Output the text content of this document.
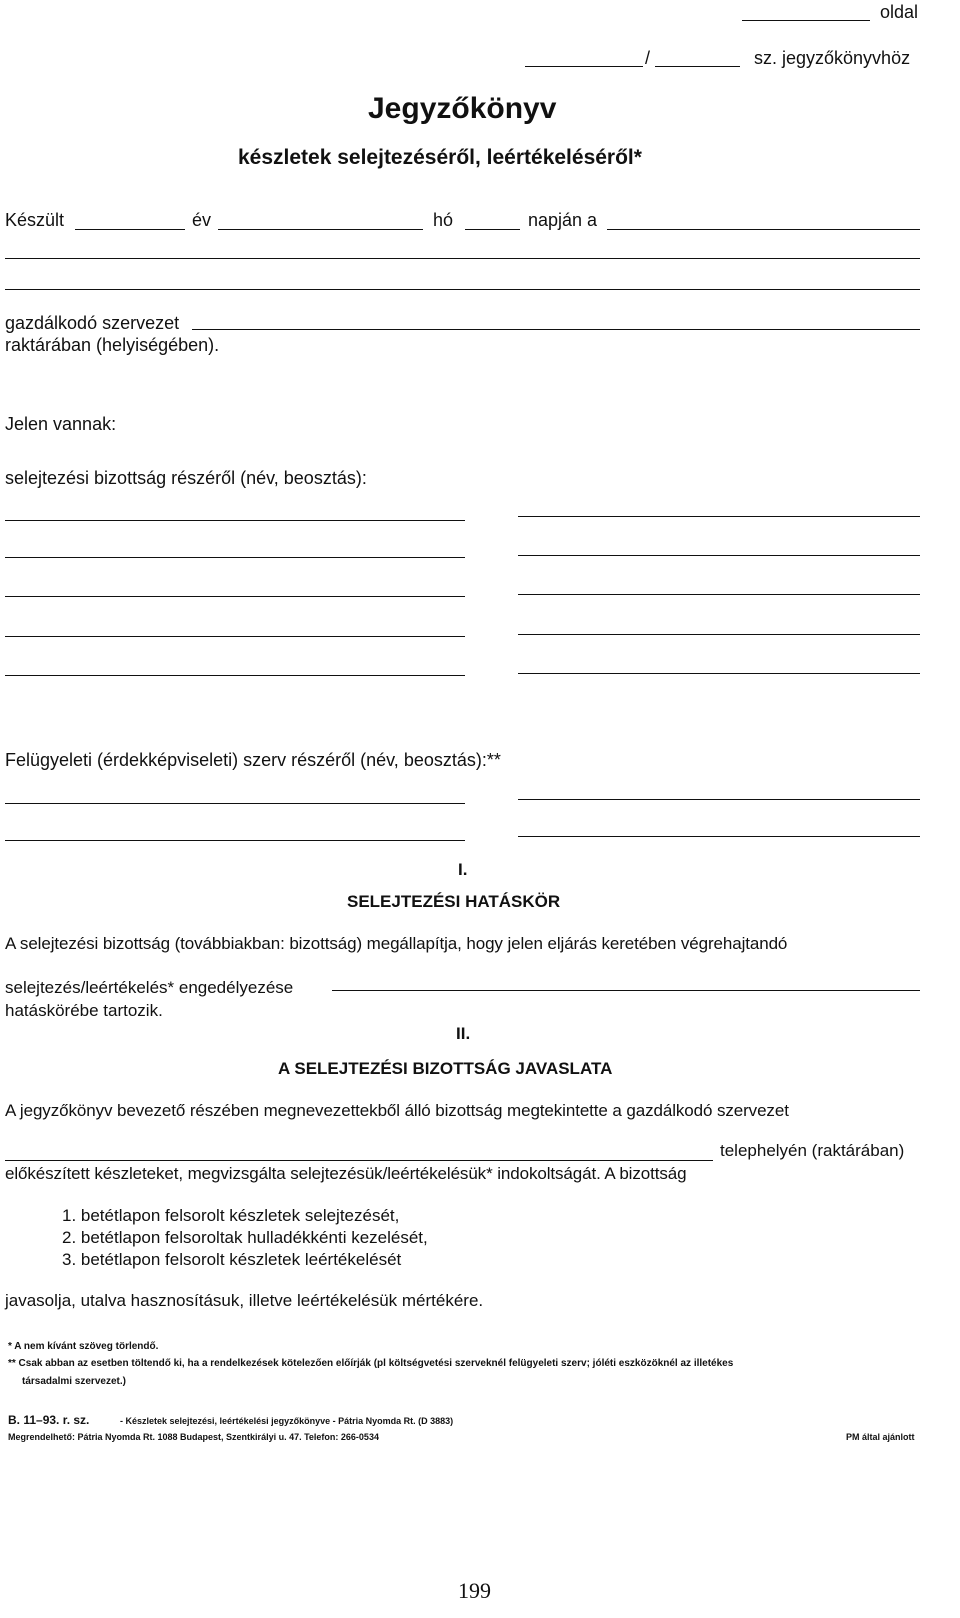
oldal
/	sz. jegyzőkönyvhöz
Jegyzőkönyv
készletek selejtezéséről, leértékeléséről*
Készült	év	hó	napján a
gazdálkodó szervezet
raktárában (helyiségében).
Jelen vannak:
selejtezési bizottság részéről (név, beosztás):
Felügyeleti (érdekképviseleti) szerv részéről (név, beosztás):**
I.
SELEJTEZÉSI HATÁSKÖR
A selejtezési bizottság (továbbiakban: bizottság) megállapítja, hogy jelen eljárás keretében végrehajtandó
selejtezés/leértékelés* engedélyezése
hatáskörébe tartozik.
II.
A SELEJTEZÉSI BIZOTTSÁG JAVASLATA
A jegyzőkönyv bevezető részében megnevezettekből álló bizottság megtekintette a gazdálkodó szervezet
telephelyén (raktárában)
előkészített készleteket, megvizsgálta selejtezésük/leértékelésük* indokoltságát. A bizottság
1. betétlapon felsorolt készletek selejtezését,
2. betétlapon felsoroltak hulladékkénti kezelését,
3. betétlapon felsorolt készletek leértékelését
javasolja, utalva hasznosításuk, illetve leértékelésük mértékére.
* A nem kívánt szöveg törlendő.
** Csak abban az esetben töltendő ki, ha a rendelkezések kötelezően előírják (pl költségvetési szerveknél felügyeleti szerv; jóléti eszközöknél az illetékes
társadalmi szervezet.)
B. 11–93. r. sz.	- Készletek selejtezési, leértékelési jegyzőkönyve - Pátria Nyomda Rt. (D 3883)
Megrendelhető: Pátria Nyomda Rt. 1088 Budapest, Szentkirályi u. 47. Telefon: 266-0534	PM által ajánlott
199
